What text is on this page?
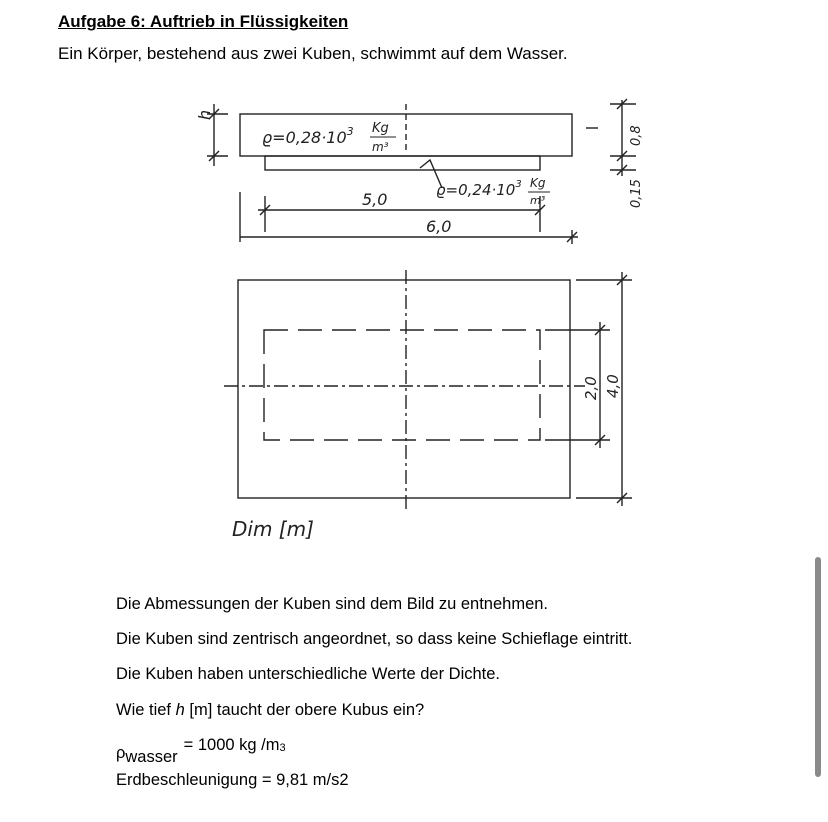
Aufgabe 6: Auftrieb in Flüssigkeiten
Ein Körper, bestehend aus zwei Kuben, schwimmt auf dem Wasser.
h
$ϱ=0,28\cdot 10^3$ Kg
m³
$ϱ=0,24\cdot 10^3$ Kg
m³
5,0
6,0
0,15
0,8
2,0 4,0
Dim [m]
Die Abmessungen der Kuben sind dem Bild zu entnehmen.
Die Kuben sind zentrisch angeordnet, so dass keine Schieflage eintritt.
Die Kuben haben unterschiedliche Werte der Dichte.
Wie tief h [m] taucht der obere Kubus ein?
ρwasser= 1000 kg /m3
Erdbeschleunigung = 9,81 m/s2
